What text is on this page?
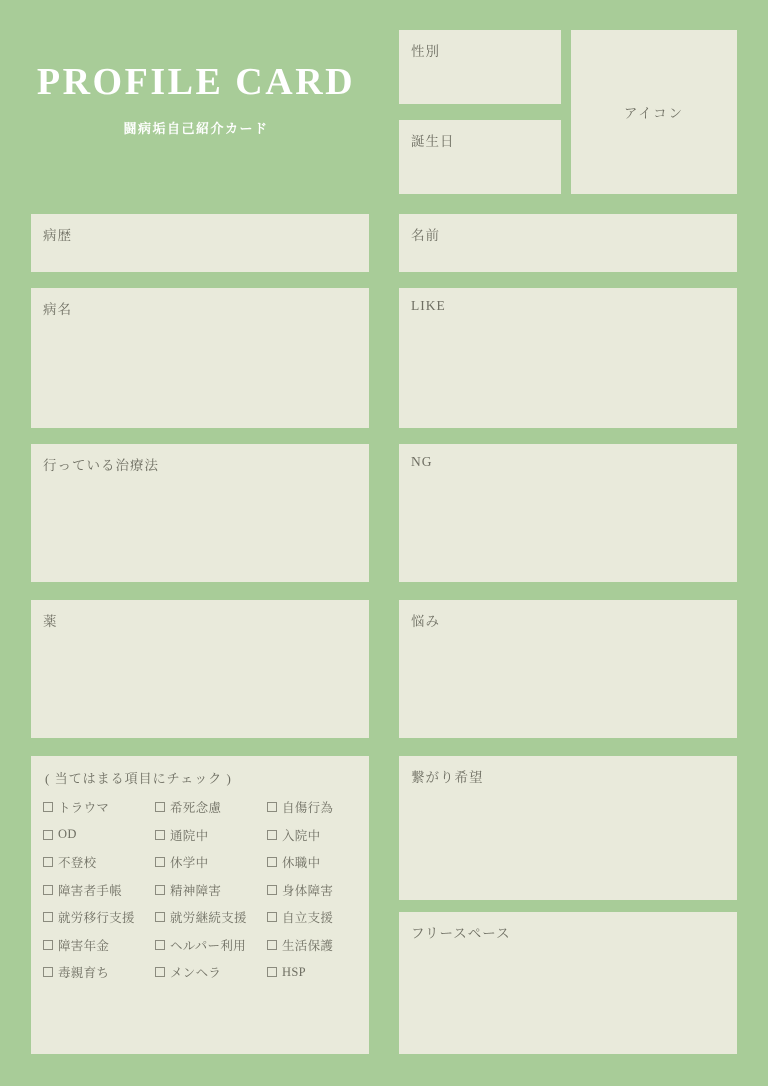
PROFILE CARD
闘病垢自己紹介カード
性別
誕生日
アイコン
病歴	名前
病名	LIKE
行っている治療法	NG
薬	悩み
( 当てはまる項目にチェック )
トラウマ	希死念慮	自傷行為
OD	通院中	入院中
不登校	休学中	休職中
障害者手帳	精神障害	身体障害
就労移行支援	就労継続支援	自立支援
障害年金	ヘルパー利用	生活保護
毒親育ち	メンヘラ	HSP
繋がり希望
フリースペース
